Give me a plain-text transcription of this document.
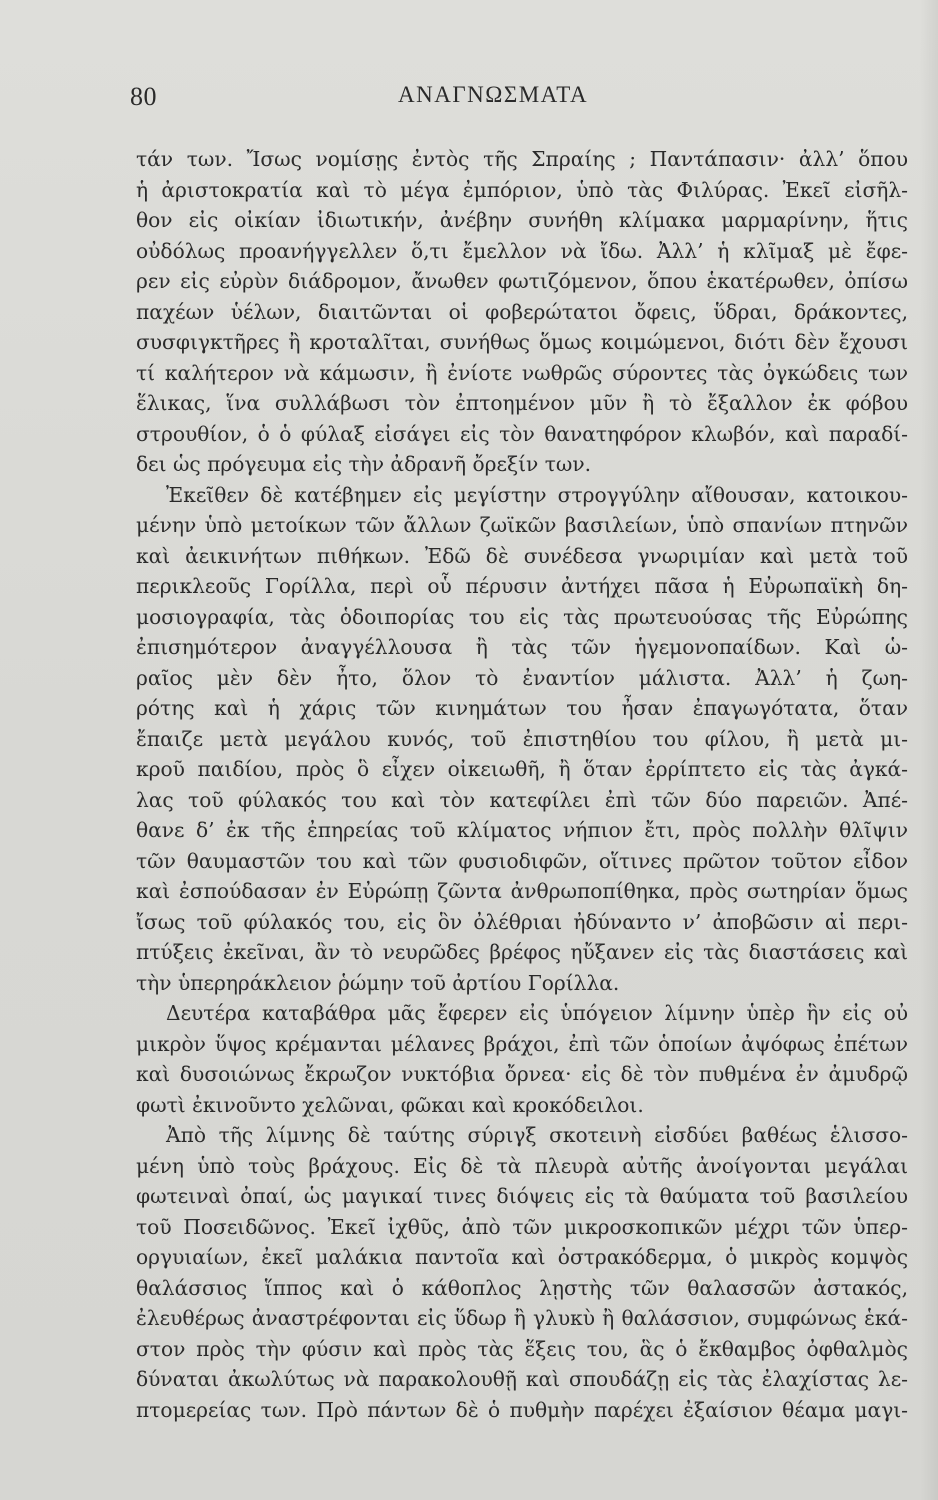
80	ΑΝΑΓΝΩΣΜΑΤΑ
τάν των. Ἴσως νομίσῃς ἐντὸς τῆς Σπραίης ; Παντάπασιν· ἀλλ’ ὅπου
ἡ ἀριστοκρατία καὶ τὸ μέγα ἐμπόριον, ὑπὸ τὰς Φιλύρας. Ἐκεῖ εἰσῆλ-
θον εἰς οἰκίαν ἰδιωτικήν, ἀνέβην συνήθη κλίμακα μαρμαρίνην, ἥτις
οὐδόλως προανήγγελλεν ὅ,τι ἔμελλον νὰ ἴδω. Ἀλλ’ ἡ κλῖμαξ μὲ ἔφε-
ρεν εἰς εὐρὺν διάδρομον, ἄνωθεν φωτιζόμενον, ὅπου ἑκατέρωθεν, ὀπίσω
παχέων ὑέλων, διαιτῶνται οἱ φοβερώτατοι ὄφεις, ὕδραι, δράκοντες,
συσφιγκτῆρες ἢ κροταλῖται, συνήθως ὅμως κοιμώμενοι, διότι δὲν ἔχουσι
τί καλήτερον νὰ κάμωσιν, ἢ ἐνίοτε νωθρῶς σύροντες τὰς ὀγκώδεις των
ἕλικας, ἵνα συλλάβωσι τὸν ἐπτοημένον μῦν ἢ τὸ ἔξαλλον ἐκ φόβου
στρουθίον, ὁ ὁ φύλαξ εἰσάγει εἰς τὸν θανατηφόρον κλωβόν, καὶ παραδί-
δει ὡς πρόγευμα εἰς τὴν ἀδρανῆ ὄρεξίν των.
Ἐκεῖθεν δὲ κατέβημεν εἰς μεγίστην στρογγύλην αἴθουσαν, κατοικου-
μένην ὑπὸ μετοίκων τῶν ἄλλων ζωϊκῶν βασιλείων, ὑπὸ σπανίων πτηνῶν
καὶ ἀεικινήτων πιθήκων. Ἐδῶ δὲ συνέδεσα γνωριμίαν καὶ μετὰ τοῦ
περικλεοῦς Γορίλλα, περὶ οὗ πέρυσιν ἀντήχει πᾶσα ἡ Εὐρωπαϊκὴ δη-
μοσιογραφία, τὰς ὁδοιπορίας του εἰς τὰς πρωτευούσας τῆς Εὐρώπης
ἐπισημότερον ἀναγγέλλουσα ἢ τὰς τῶν ἡγεμονοπαίδων. Καὶ ὡ-
ραῖος μὲν δὲν ἦτο, ὅλον τὸ ἐναντίον μάλιστα. Ἀλλ’ ἡ ζωη-
ρότης καὶ ἡ χάρις τῶν κινημάτων του ἦσαν ἐπαγωγότατα, ὅταν
ἔπαιζε μετὰ μεγάλου κυνός, τοῦ ἐπιστηθίου του φίλου, ἢ μετὰ μι-
κροῦ παιδίου, πρὸς ὃ εἶχεν οἰκειωθῆ, ἢ ὅταν ἐρρίπτετο εἰς τὰς ἀγκά-
λας τοῦ φύλακός του καὶ τὸν κατεφίλει ἐπὶ τῶν δύο παρειῶν. Ἀπέ-
θανε δ’ ἐκ τῆς ἐπηρείας τοῦ κλίματος νήπιον ἔτι, πρὸς πολλὴν θλῖψιν
τῶν θαυμαστῶν του καὶ τῶν φυσιοδιφῶν, οἵτινες πρῶτον τοῦτον εἶδον
καὶ ἐσπούδασαν ἐν Εὐρώπῃ ζῶντα ἀνθρωποπίθηκα, πρὸς σωτηρίαν ὅμως
ἴσως τοῦ φύλακός του, εἰς ὃν ὀλέθριαι ἠδύναντο ν’ ἀποβῶσιν αἱ περι-
πτύξεις ἐκεῖναι, ἂν τὸ νευρῶδες βρέφος ηὔξανεν εἰς τὰς διαστάσεις καὶ
τὴν ὑπερηράκλειον ῥώμην τοῦ ἀρτίου Γορίλλα.
Δευτέρα καταβάθρα μᾶς ἔφερεν εἰς ὑπόγειον λίμνην ὑπὲρ ἣν εἰς οὐ
μικρὸν ὕψος κρέμανται μέλανες βράχοι, ἐπὶ τῶν ὁποίων ἀψόφως ἐπέτων
καὶ δυσοιώνως ἔκρωζον νυκτόβια ὄρνεα· εἰς δὲ τὸν πυθμένα ἐν ἀμυδρῷ
φωτὶ ἐκινοῦντο χελῶναι, φῶκαι καὶ κροκόδειλοι.
Ἀπὸ τῆς λίμνης δὲ ταύτης σύριγξ σκοτεινὴ εἰσδύει βαθέως ἑλισσο-
μένη ὑπὸ τοὺς βράχους. Εἰς δὲ τὰ πλευρὰ αὐτῆς ἀνοίγονται μεγάλαι
φωτειναὶ ὀπαί, ὡς μαγικαί τινες διόψεις εἰς τὰ θαύματα τοῦ βασιλείου
τοῦ Ποσειδῶνος. Ἐκεῖ ἰχθῦς, ἀπὸ τῶν μικροσκοπικῶν μέχρι τῶν ὑπερ-
οργυιαίων, ἐκεῖ μαλάκια παντοῖα καὶ ὀστρακόδερμα, ὁ μικρὸς κομψὸς
θαλάσσιος ἵππος καὶ ὁ κάθοπλος λῃστὴς τῶν θαλασσῶν ἀστακός,
ἐλευθέρως ἀναστρέφονται εἰς ὕδωρ ἢ γλυκὺ ἢ θαλάσσιον, συμφώνως ἑκά-
στον πρὸς τὴν φύσιν καὶ πρὸς τὰς ἕξεις του, ἃς ὁ ἔκθαμβος ὀφθαλμὸς
δύναται ἀκωλύτως νὰ παρακολουθῇ καὶ σπουδάζῃ εἰς τὰς ἐλαχίστας λε-
πτομερείας των. Πρὸ πάντων δὲ ὁ πυθμὴν παρέχει ἐξαίσιον θέαμα μαγι-
